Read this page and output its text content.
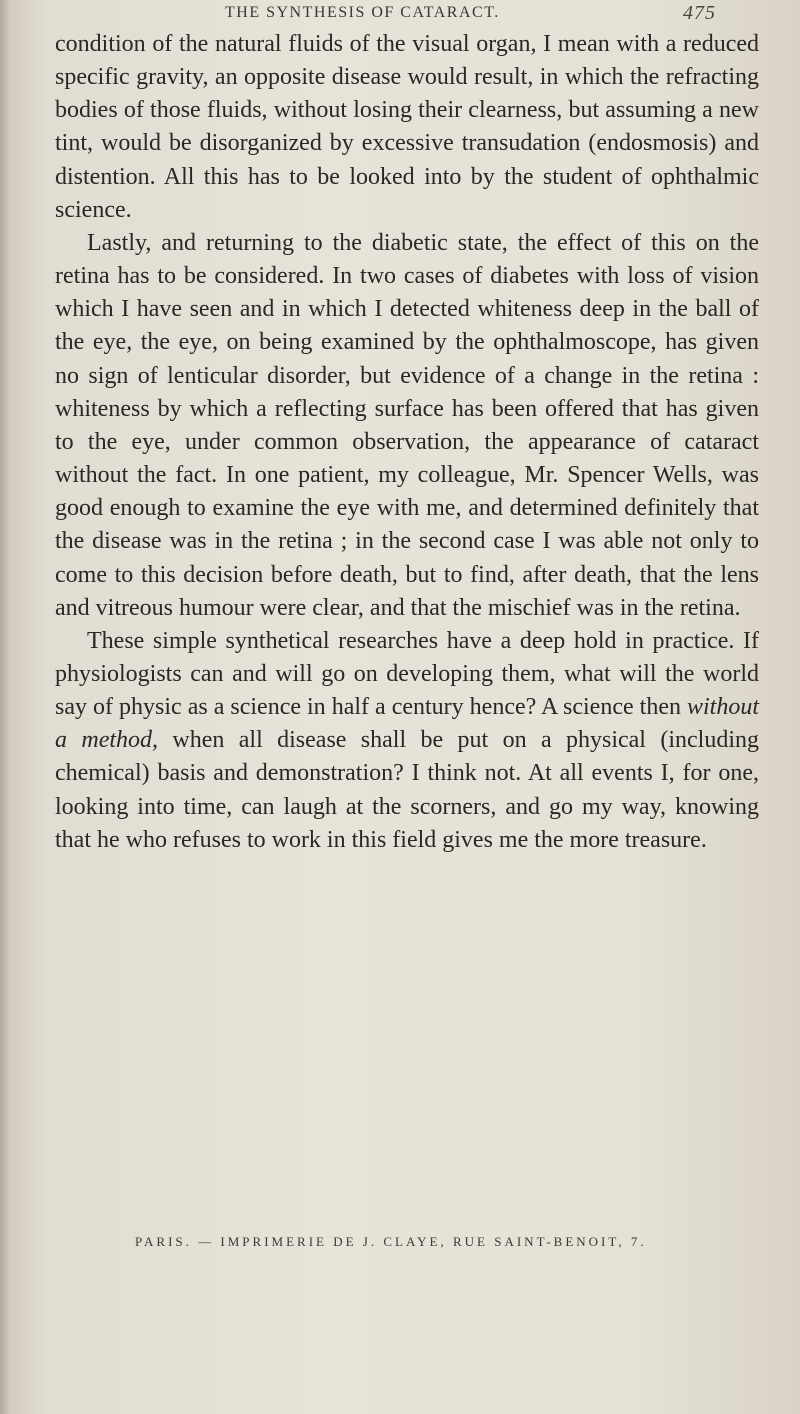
THE SYNTHESIS OF CATARACT.	475

condition of the natural fluids of the visual organ, I mean with a reduced specific gravity, an opposite disease would result, in which the refracting bodies of those fluids, without losing their clearness, but assuming a new tint, would be disorganized by excessive transudation (endosmosis) and distention. All this has to be looked into by the student of ophthalmic science.

Lastly, and returning to the diabetic state, the effect of this on the retina has to be considered. In two cases of diabetes with loss of vision which I have seen and in which I detected whiteness deep in the ball of the eye, the eye, on being examined by the ophthalmoscope, has given no sign of lenticular disorder, but evidence of a change in the retina : whiteness by which a reflecting surface has been offered that has given to the eye, under common observation, the appearance of cataract without the fact. In one patient, my colleague, Mr. Spencer Wells, was good enough to examine the eye with me, and determined definitely that the disease was in the retina ; in the second case I was able not only to come to this decision before death, but to find, after death, that the lens and vitreous humour were clear, and that the mischief was in the retina.

These simple synthetical researches have a deep hold in practice. If physiologists can and will go on developing them, what will the world say of physic as a science in half a century hence? A science then without a method, when all disease shall be put on a physical (including chemical) basis and demonstration? I think not. At all events I, for one, looking into time, can laugh at the scorners, and go my way, knowing that he who refuses to work in this field gives me the more treasure.

PARIS. — IMPRIMERIE DE J. CLAYE, RUE SAINT-BENOIT, 7.
